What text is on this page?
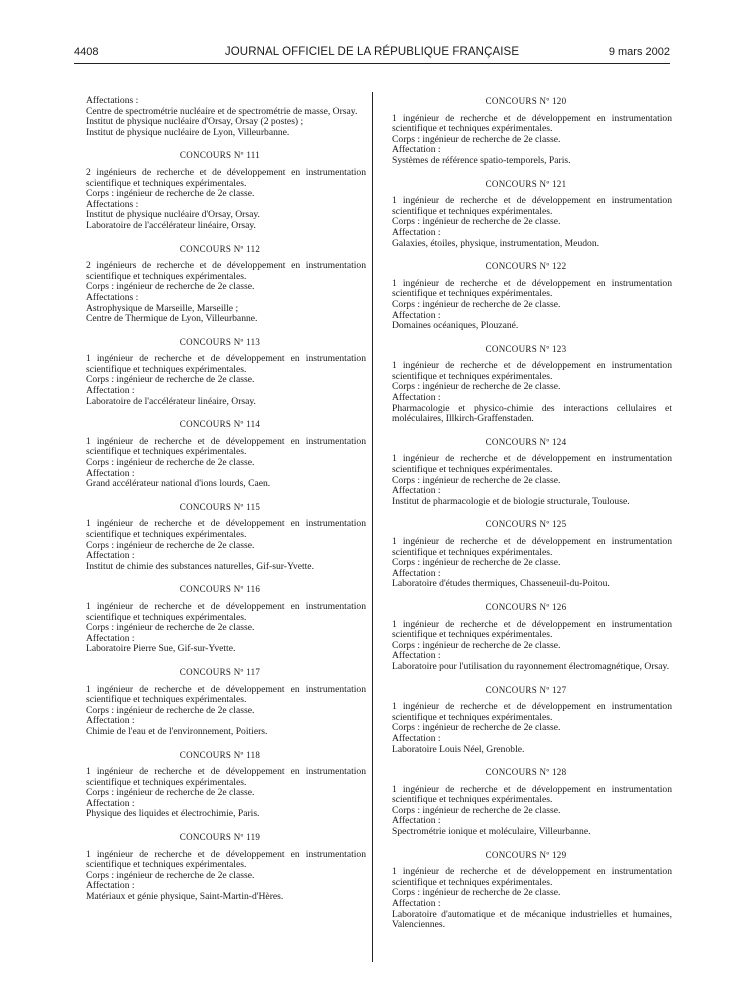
4408	JOURNAL OFFICIEL DE LA RÉPUBLIQUE FRANÇAISE	9 mars 2002

Affectations :

Centre de spectrométrie nucléaire et de spectrométrie de masse, Orsay.

Institut de physique nucléaire d'Orsay, Orsay (2 postes) ;

Institut de physique nucléaire de Lyon, Villeurbanne.

CONCOURS Nº 111

2 ingénieurs de recherche et de développement en instrumentation scientifique et techniques expérimentales.

Corps : ingénieur de recherche de 2e classe.

Affectations :

Institut de physique nucléaire d'Orsay, Orsay.

Laboratoire de l'accélérateur linéaire, Orsay.

CONCOURS Nº 112

2 ingénieurs de recherche et de développement en instrumentation scientifique et techniques expérimentales.

Corps : ingénieur de recherche de 2e classe.

Affectations :

Astrophysique de Marseille, Marseille ;

Centre de Thermique de Lyon, Villeurbanne.

CONCOURS Nº 113

1 ingénieur de recherche et de développement en instrumentation scientifique et techniques expérimentales.

Corps : ingénieur de recherche de 2e classe.

Affectation :

Laboratoire de l'accélérateur linéaire, Orsay.

CONCOURS Nº 114

1 ingénieur de recherche et de développement en instrumentation scientifique et techniques expérimentales.

Corps : ingénieur de recherche de 2e classe.

Affectation :

Grand accélérateur national d'ions lourds, Caen.

CONCOURS Nº 115

1 ingénieur de recherche et de développement en instrumentation scientifique et techniques expérimentales.

Corps : ingénieur de recherche de 2e classe.

Affectation :

Institut de chimie des substances naturelles, Gif-sur-Yvette.

CONCOURS Nº 116

1 ingénieur de recherche et de développement en instrumentation scientifique et techniques expérimentales.

Corps : ingénieur de recherche de 2e classe.

Affectation :

Laboratoire Pierre Sue, Gif-sur-Yvette.

CONCOURS Nº 117

1 ingénieur de recherche et de développement en instrumentation scientifique et techniques expérimentales.

Corps : ingénieur de recherche de 2e classe.

Affectation :

Chimie de l'eau et de l'environnement, Poitiers.

CONCOURS Nº 118

1 ingénieur de recherche et de développement en instrumentation scientifique et techniques expérimentales.

Corps : ingénieur de recherche de 2e classe.

Affectation :

Physique des liquides et électrochimie, Paris.

CONCOURS Nº 119

1 ingénieur de recherche et de développement en instrumentation scientifique et techniques expérimentales.

Corps : ingénieur de recherche de 2e classe.

Affectation :

Matériaux et génie physique, Saint-Martin-d'Hères.

CONCOURS Nº 120

1 ingénieur de recherche et de développement en instrumentation scientifique et techniques expérimentales.

Corps : ingénieur de recherche de 2e classe.

Affectation :

Systèmes de référence spatio-temporels, Paris.

CONCOURS Nº 121

1 ingénieur de recherche et de développement en instrumentation scientifique et techniques expérimentales.

Corps : ingénieur de recherche de 2e classe.

Affectation :

Galaxies, étoiles, physique, instrumentation, Meudon.

CONCOURS Nº 122

1 ingénieur de recherche et de développement en instrumentation scientifique et techniques expérimentales.

Corps : ingénieur de recherche de 2e classe.

Affectation :

Domaines océaniques, Plouzané.

CONCOURS Nº 123

1 ingénieur de recherche et de développement en instrumentation scientifique et techniques expérimentales.

Corps : ingénieur de recherche de 2e classe.

Affectation :

Pharmacologie et physico-chimie des interactions cellulaires et moléculaires, Illkirch-Graffenstaden.

CONCOURS Nº 124

1 ingénieur de recherche et de développement en instrumentation scientifique et techniques expérimentales.

Corps : ingénieur de recherche de 2e classe.

Affectation :

Institut de pharmacologie et de biologie structurale, Toulouse.

CONCOURS Nº 125

1 ingénieur de recherche et de développement en instrumentation scientifique et techniques expérimentales.

Corps : ingénieur de recherche de 2e classe.

Affectation :

Laboratoire d'études thermiques, Chasseneuil-du-Poitou.

CONCOURS Nº 126

1 ingénieur de recherche et de développement en instrumentation scientifique et techniques expérimentales.

Corps : ingénieur de recherche de 2e classe.

Affectation :

Laboratoire pour l'utilisation du rayonnement électromagnétique, Orsay.

CONCOURS Nº 127

1 ingénieur de recherche et de développement en instrumentation scientifique et techniques expérimentales.

Corps : ingénieur de recherche de 2e classe.

Affectation :

Laboratoire Louis Néel, Grenoble.

CONCOURS Nº 128

1 ingénieur de recherche et de développement en instrumentation scientifique et techniques expérimentales.

Corps : ingénieur de recherche de 2e classe.

Affectation :

Spectrométrie ionique et moléculaire, Villeurbanne.

CONCOURS Nº 129

1 ingénieur de recherche et de développement en instrumentation scientifique et techniques expérimentales.

Corps : ingénieur de recherche de 2e classe.

Affectation :

Laboratoire d'automatique et de mécanique industrielles et humaines, Valenciennes.
